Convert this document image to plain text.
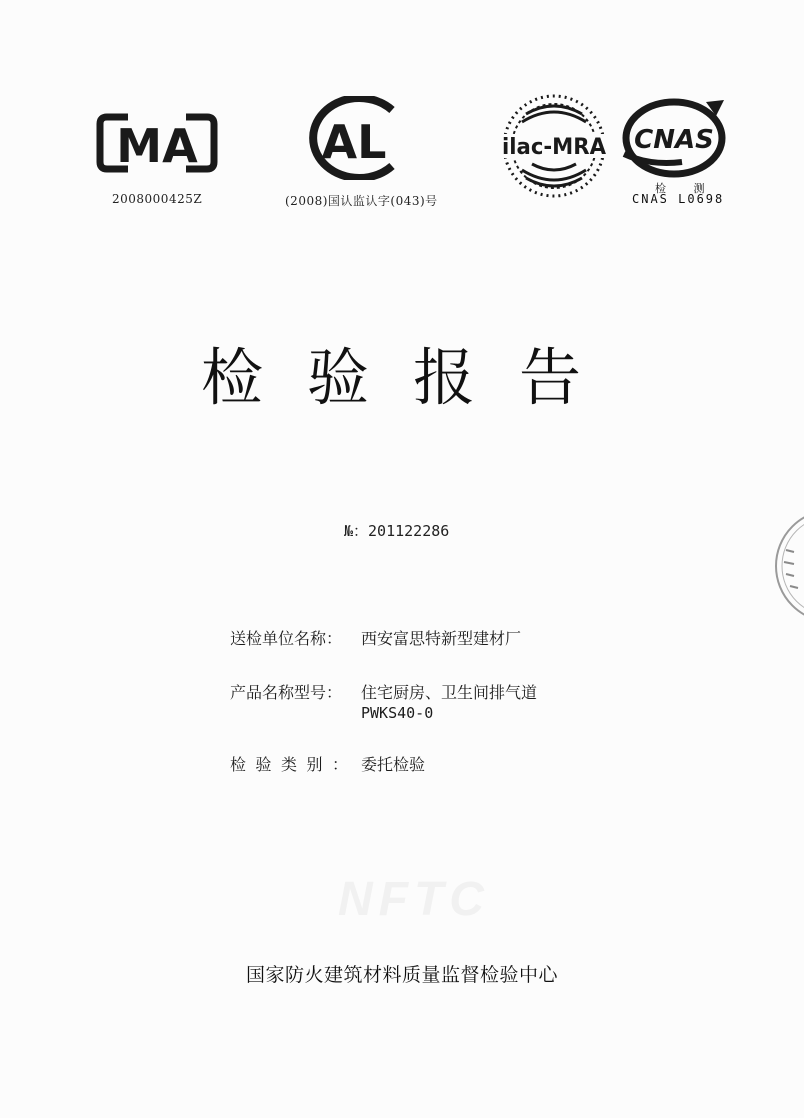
MA
2008000425Z
AL
(2008)国认监认字(043)号
ilac-MRA CNAS
检 测
CNAS L0698
检验报告
№：201122286
送检单位名称： 西安富思特新型建材厂
产品名称型号： 住宅厨房、卫生间排气道
PWKS40-0
检验类别： 委托检验
NFTC
国家防火建筑材料质量监督检验中心
